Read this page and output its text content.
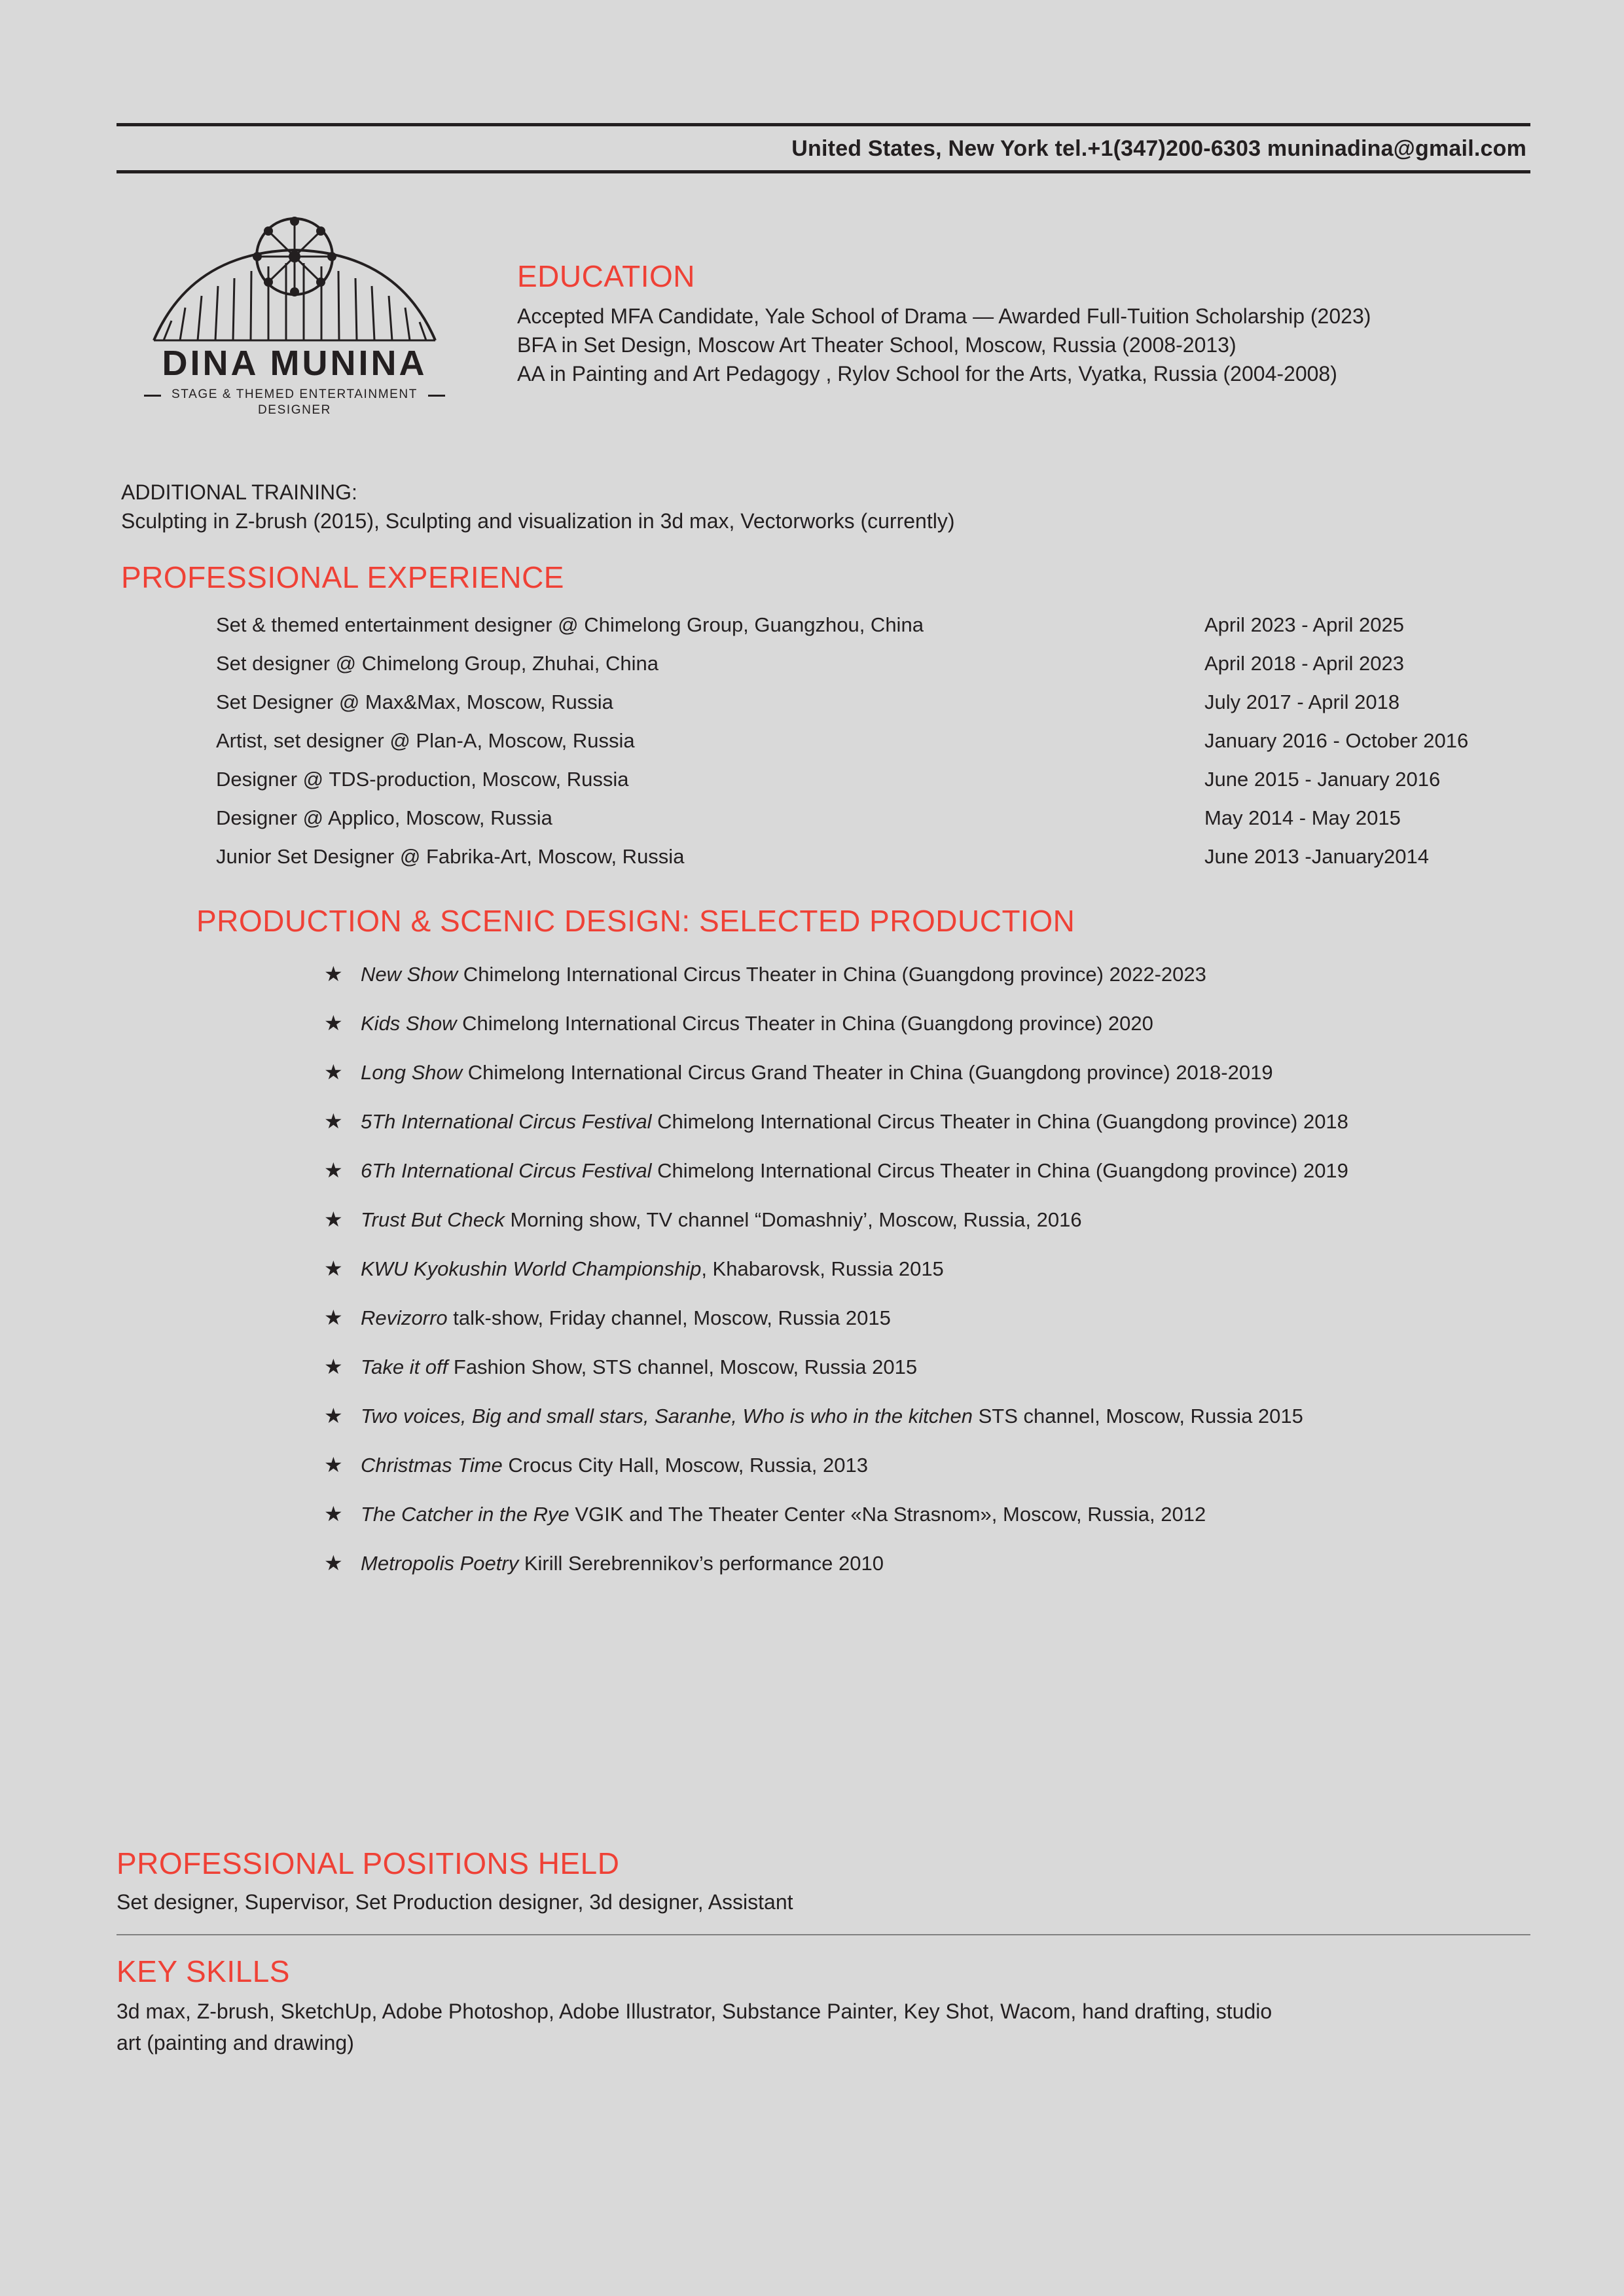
United States, New York tel.+1(347)200-6303 muninadina@gmail.com
DINA MUNINA
STAGE & THEMED ENTERTAINMENT
DESIGNER
EDUCATION
Accepted MFA Candidate, Yale School of Drama — Awarded Full-Tuition Scholarship (2023)
BFA in Set Design, Moscow Art Theater School, Moscow, Russia (2008-2013)
AA in Painting and Art Pedagogy , Rylov School for the Arts, Vyatka, Russia (2004-2008)
ADDITIONAL TRAINING:
Sculpting in Z-brush (2015), Sculpting and visualization in 3d max, Vectorworks (currently)
PROFESSIONAL EXPERIENCE
Set & themed entertainment designer @ Chimelong Group, Guangzhou, China	April 2023 - April 2025
Set designer @ Chimelong Group, Zhuhai, China	April 2018 - April 2023
Set Designer @ Max&Max, Moscow, Russia	July 2017 - April 2018
Artist, set designer @ Plan-A, Moscow, Russia	January 2016 - October 2016
Designer @ TDS-production, Moscow, Russia	June 2015 - January 2016
Designer @ Applico, Moscow, Russia	May 2014 - May 2015
Junior Set Designer @ Fabrika-Art, Moscow, Russia	June 2013 -January2014
PRODUCTION & SCENIC DESIGN: SELECTED PRODUCTION
★ New Show Chimelong International Circus Theater in China (Guangdong province) 2022-2023
★ Kids Show Chimelong International Circus Theater in China (Guangdong province) 2020
★ Long Show Chimelong International Circus Grand Theater in China (Guangdong province) 2018-2019
★ 5Th International Circus Festival Chimelong International Circus Theater in China (Guangdong province) 2018
★ 6Th International Circus Festival Chimelong International Circus Theater in China (Guangdong province) 2019
★ Trust But Check Morning show, TV channel “Domashniy’, Moscow, Russia, 2016
★ KWU Kyokushin World Championship, Khabarovsk, Russia 2015
★ Revizorro talk-show, Friday channel, Moscow, Russia 2015
★ Take it off Fashion Show, STS channel, Moscow, Russia 2015
★ Two voices, Big and small stars, Saranhe, Who is who in the kitchen STS channel, Moscow, Russia 2015
★ Christmas Time Crocus City Hall, Moscow, Russia, 2013
★ The Catcher in the Rye VGIK and The Theater Center «Na Strasnom», Moscow, Russia, 2012
★ Metropolis Poetry Kirill Serebrennikov’s performance 2010
PROFESSIONAL POSITIONS HELD
Set designer, Supervisor, Set Production designer, 3d designer, Assistant
KEY SKILLS
3d max, Z-brush, SketchUp, Adobe Photoshop, Adobe Illustrator, Substance Painter, Key Shot, Wacom, hand drafting, studio
art (painting and drawing)
